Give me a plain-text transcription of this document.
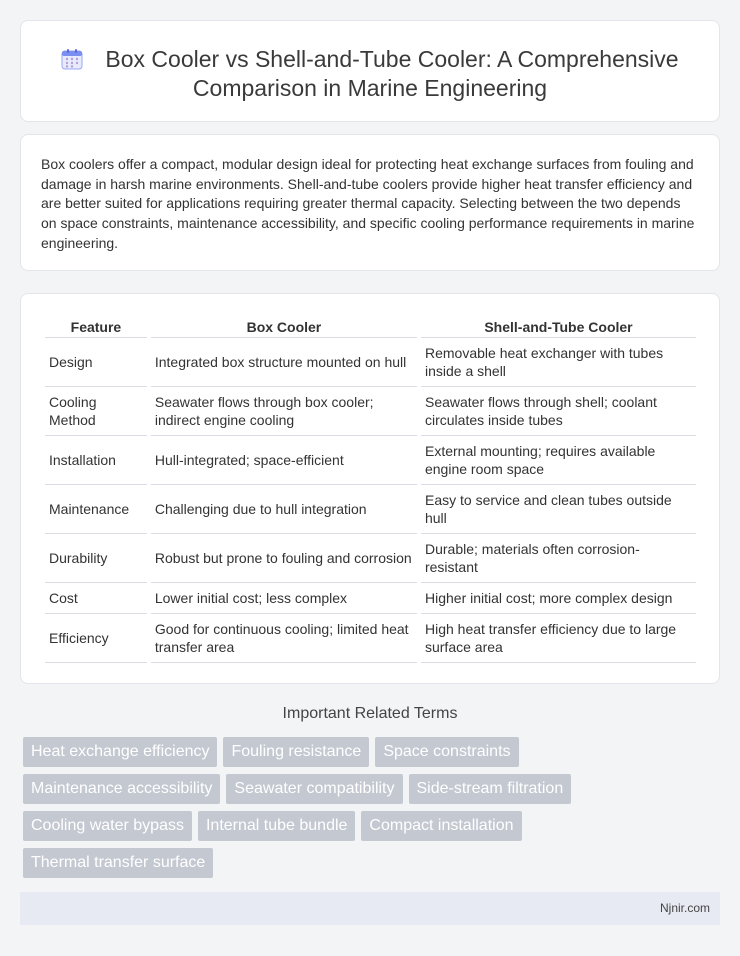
Box Cooler vs Shell-and-Tube Cooler: A Comprehensive Comparison in Marine Engineering

Box coolers offer a compact, modular design ideal for protecting heat exchange surfaces from fouling and damage in harsh marine environments. Shell-and-tube coolers provide higher heat transfer efficiency and are better suited for applications requiring greater thermal capacity. Selecting between the two depends on space constraints, maintenance accessibility, and specific cooling performance requirements in marine engineering.

Feature	Box Cooler	Shell-and-Tube Cooler
Design	Integrated box structure mounted on hull	Removable heat exchanger with tubes inside a shell
Cooling Method	Seawater flows through box cooler; indirect engine cooling	Seawater flows through shell; coolant circulates inside tubes
Installation	Hull-integrated; space-efficient	External mounting; requires available engine room space
Maintenance	Challenging due to hull integration	Easy to service and clean tubes outside hull
Durability	Robust but prone to fouling and corrosion	Durable; materials often corrosion-resistant
Cost	Lower initial cost; less complex	Higher initial cost; more complex design
Efficiency	Good for continuous cooling; limited heat transfer area	High heat transfer efficiency due to large surface area
Important Related Terms
Heat exchange efficiency	Fouling resistance	Space constraints
Maintenance accessibility	Seawater compatibility	Side-stream filtration
Cooling water bypass	Internal tube bundle	Compact installation
Thermal transfer surface
Njnir.com
